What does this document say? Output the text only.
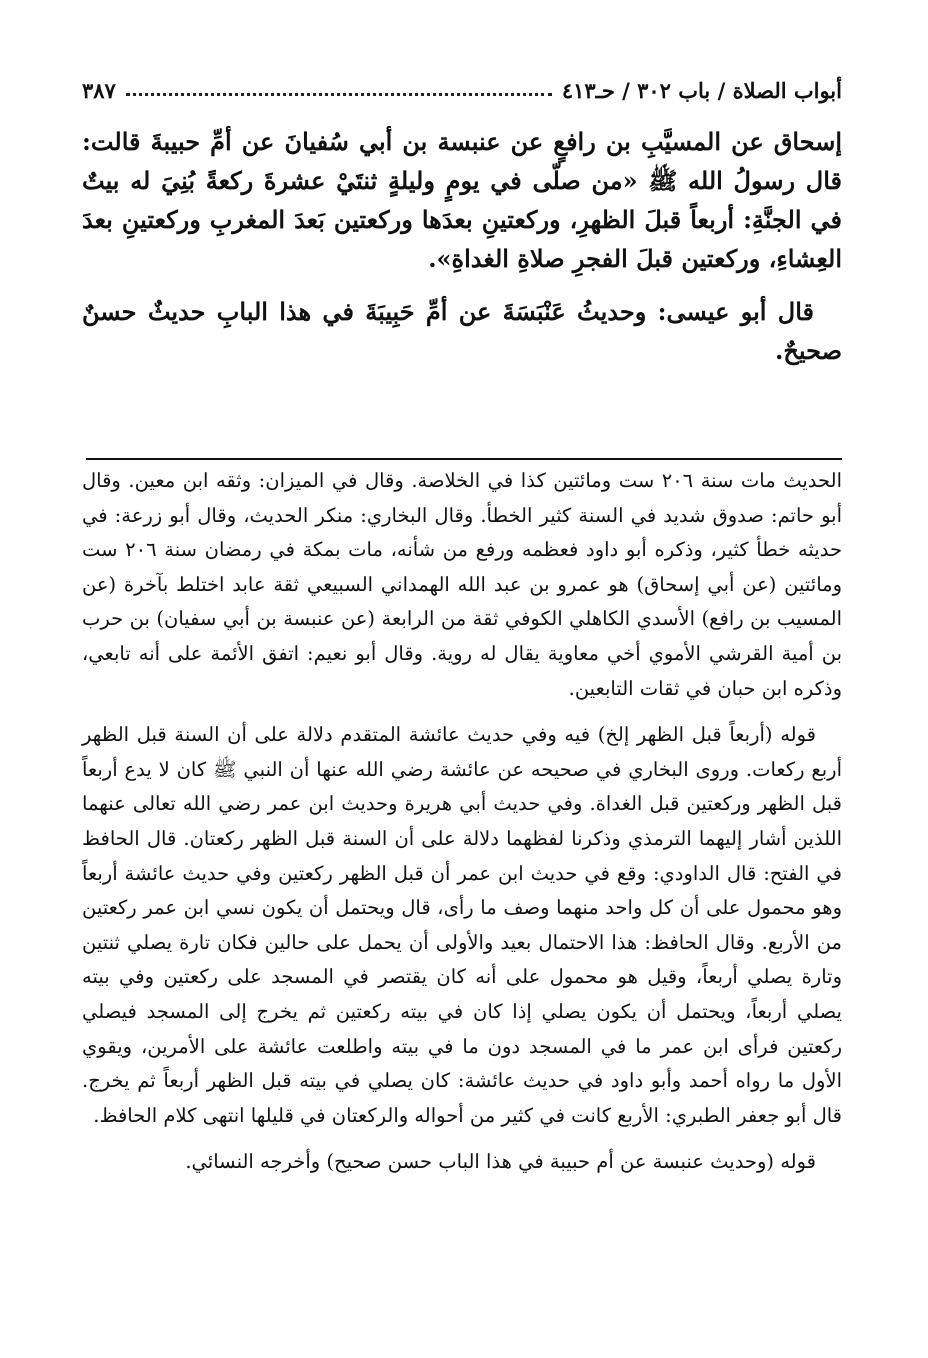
أبواب الصلاة / باب ٣٠٢ / حـ٤١٣
٣٨٧

إسحاق عن المسيَّبِ بن رافعٍ عن عنبسة بن أبي سُفيانَ عن أمِّ حبيبةَ قالت: قال رسولُ الله ﷺ «من صلّى في يومٍ وليلةٍ ثنتَيْ عشرةَ ركعةً بُنِيَ له بيتٌ في الجنَّةِ: أربعاً قبلَ الظهرِ، وركعتينِ بعدَها وركعتين بَعدَ المغربِ وركعتينِ بعدَ العِشاءِ، وركعتين قبلَ الفجرِ صلاةِ الغداةِ».

قال أبو عيسى: وحديثُ عَنْبَسَةَ عن أمِّ حَبِيبَةَ في هذا البابِ حديثٌ حسنٌ صحيحٌ.

الحديث مات سنة ٢٠٦ ست ومائتين كذا في الخلاصة. وقال في الميزان: وثقه ابن معين. وقال أبو حاتم: صدوق شديد في السنة كثير الخطأ. وقال البخاري: منكر الحديث، وقال أبو زرعة: في حديثه خطأ كثير، وذكره أبو داود فعظمه ورفع من شأنه، مات بمكة في رمضان سنة ٢٠٦ ست ومائتين (عن أبي إسحاق) هو عمرو بن عبد الله الهمداني السبيعي ثقة عابد اختلط بآخرة (عن المسيب بن رافع) الأسدي الكاهلي الكوفي ثقة من الرابعة (عن عنبسة بن أبي سفيان) بن حرب بن أمية القرشي الأموي أخي معاوية يقال له روية. وقال أبو نعيم: اتفق الأئمة على أنه تابعي، وذكره ابن حبان في ثقات التابعين.

قوله (أربعاً قبل الظهر إلخ) فيه وفي حديث عائشة المتقدم دلالة على أن السنة قبل الظهر أربع ركعات. وروى البخاري في صحيحه عن عائشة رضي الله عنها أن النبي ﷺ كان لا يدع أربعاً قبل الظهر وركعتين قبل الغداة. وفي حديث أبي هريرة وحديث ابن عمر رضي الله تعالى عنهما اللذين أشار إليهما الترمذي وذكرنا لفظهما دلالة على أن السنة قبل الظهر ركعتان. قال الحافظ في الفتح: قال الداودي: وقع في حديث ابن عمر أن قبل الظهر ركعتين وفي حديث عائشة أربعاً وهو محمول على أن كل واحد منهما وصف ما رأى، قال ويحتمل أن يكون نسي ابن عمر ركعتين من الأربع. وقال الحافظ: هذا الاحتمال بعيد والأولى أن يحمل على حالين فكان تارة يصلي ثنتين وتارة يصلي أربعاً، وقيل هو محمول على أنه كان يقتصر في المسجد على ركعتين وفي بيته يصلي أربعاً، ويحتمل أن يكون يصلي إذا كان في بيته ركعتين ثم يخرج إلى المسجد فيصلي ركعتين فرأى ابن عمر ما في المسجد دون ما في بيته واطلعت عائشة على الأمرين، ويقوي الأول ما رواه أحمد وأبو داود في حديث عائشة: كان يصلي في بيته قبل الظهر أربعاً ثم يخرج. قال أبو جعفر الطبري: الأربع كانت في كثير من أحواله والركعتان في قليلها انتهى كلام الحافظ.

قوله (وحديث عنبسة عن أم حبيبة في هذا الباب حسن صحيح) وأخرجه النسائي.
